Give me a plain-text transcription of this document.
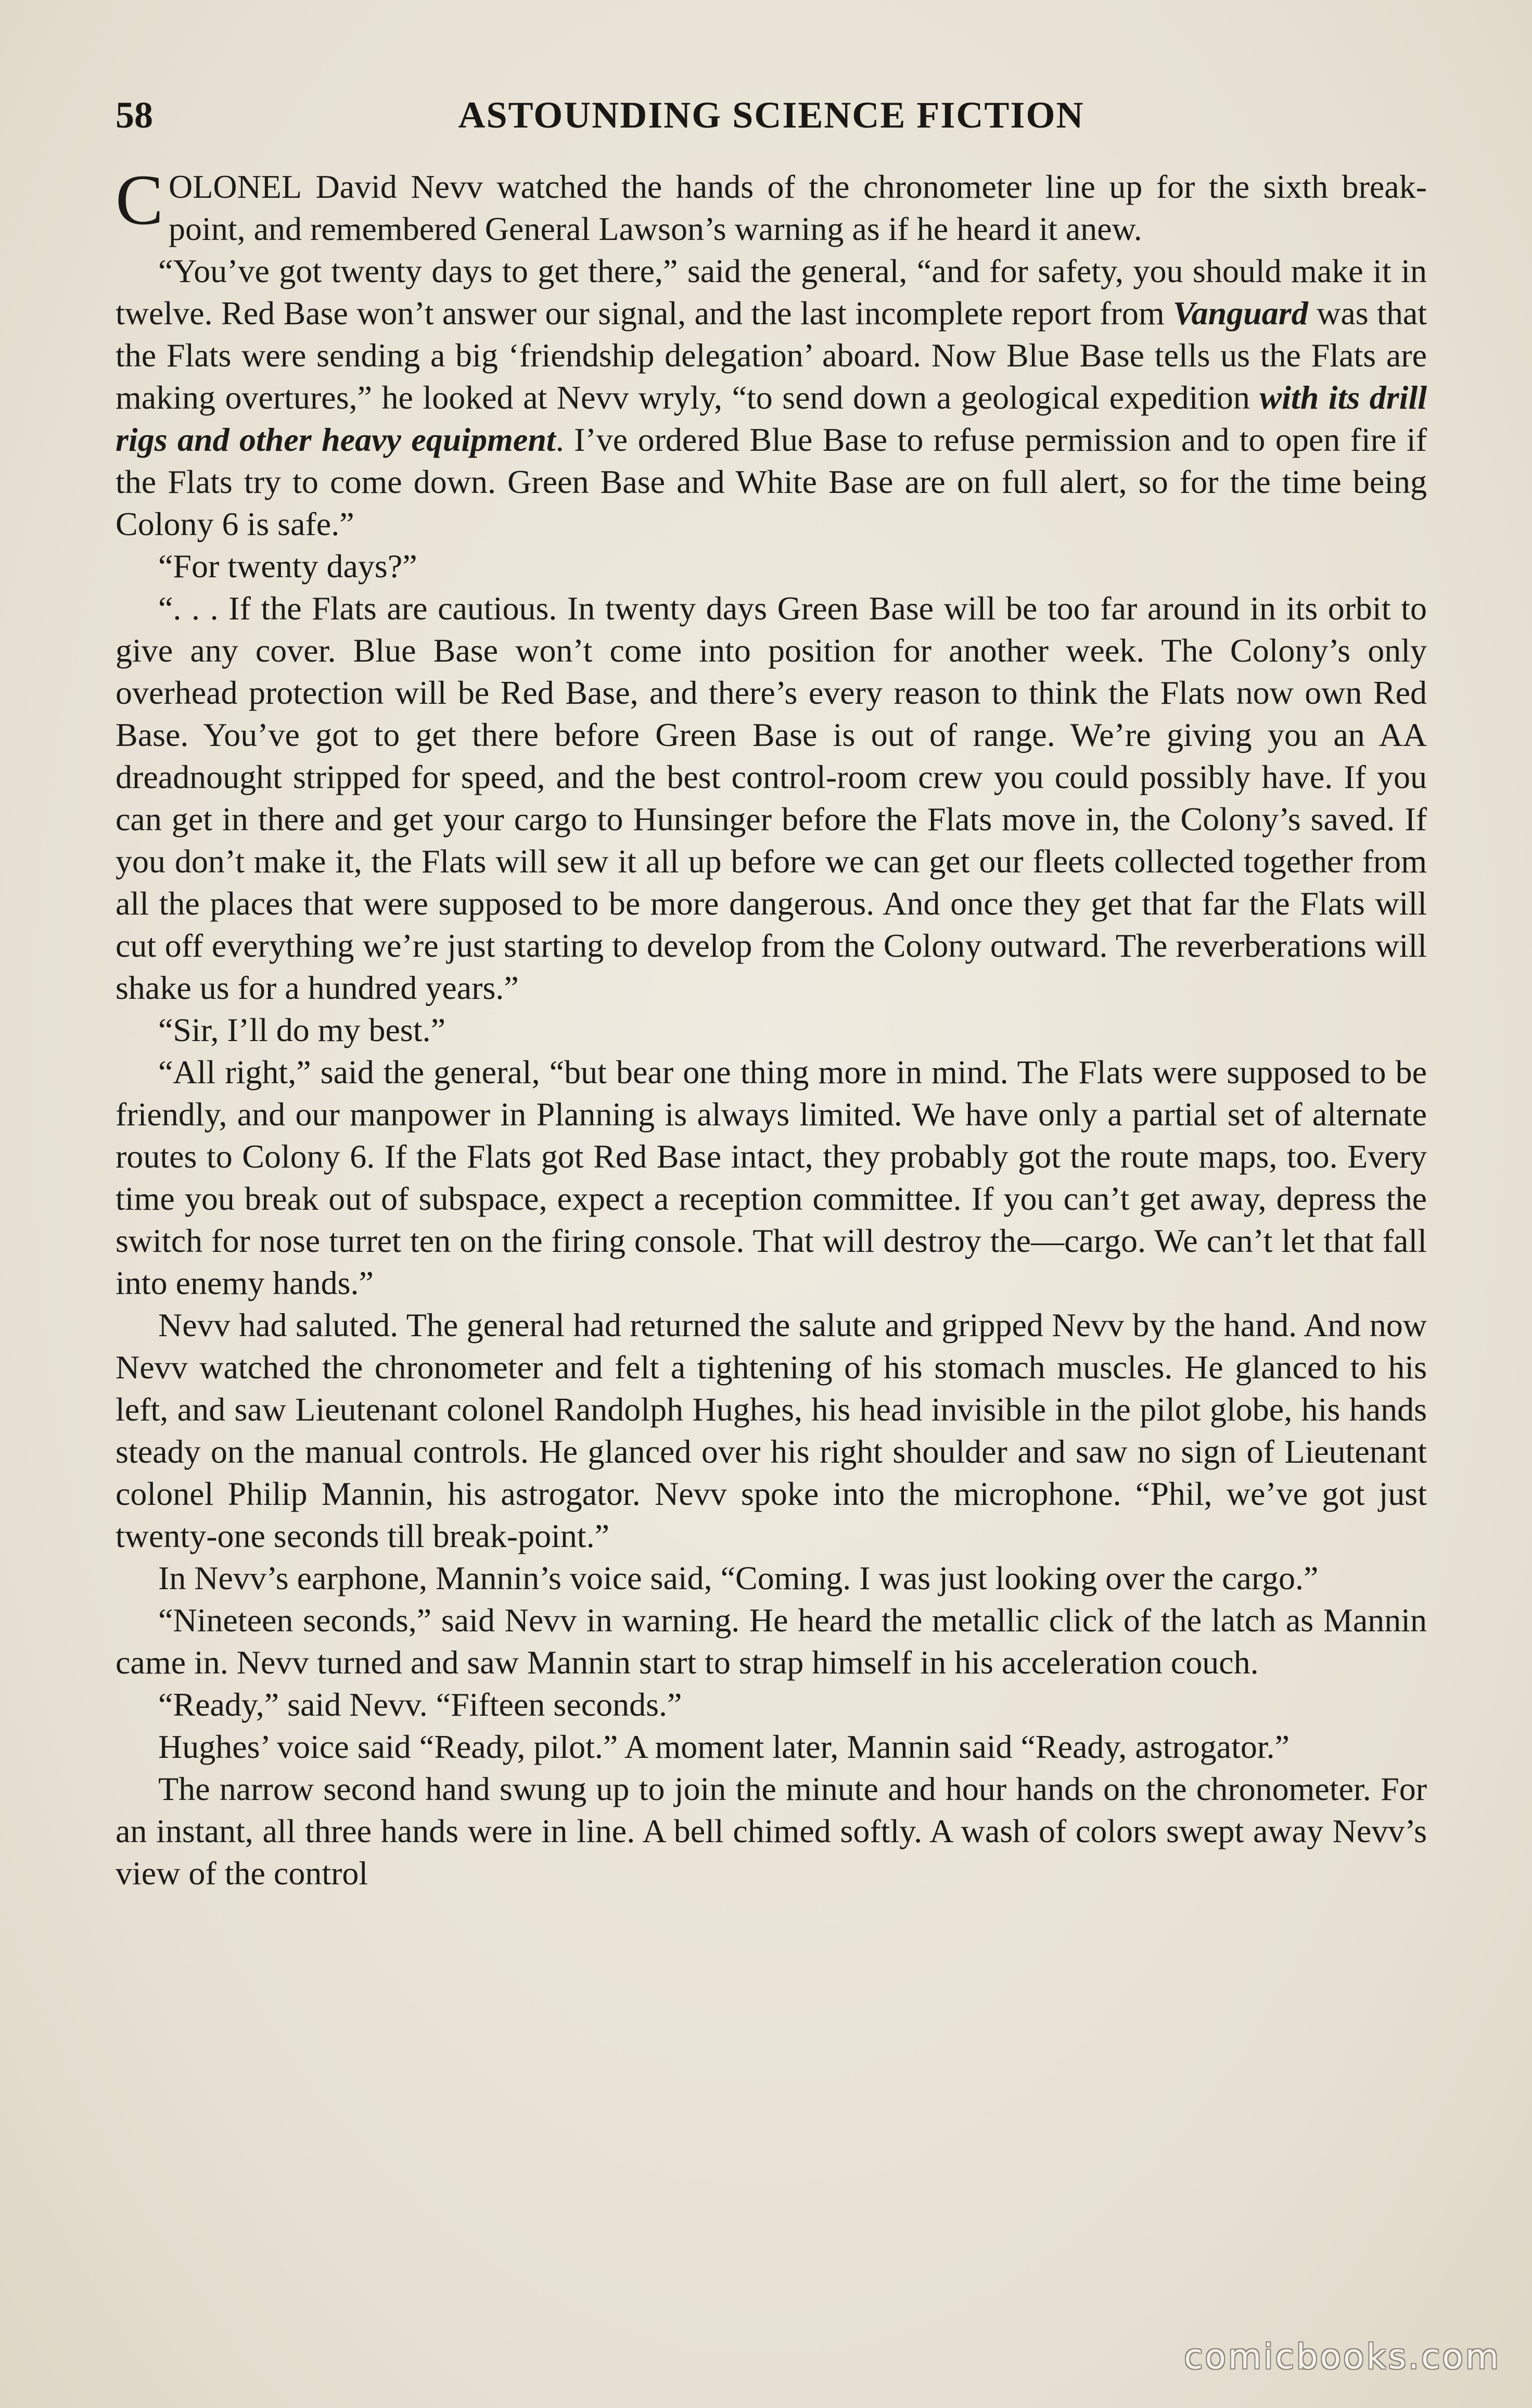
58	ASTOUNDING SCIENCE FICTION

COLONEL David Nevv watched the hands of the chronometer line up for the sixth break-point, and remembered General Lawson’s warning as if he heard it anew.

“You’ve got twenty days to get there,” said the general, “and for safety, you should make it in twelve. Red Base won’t answer our signal, and the last incomplete report from Vanguard was that the Flats were sending a big ‘friendship delegation’ aboard. Now Blue Base tells us the Flats are making overtures,” he looked at Nevv wryly, “to send down a geological expedition with its drill rigs and other heavy equipment. I’ve ordered Blue Base to refuse permission and to open fire if the Flats try to come down. Green Base and White Base are on full alert, so for the time being Colony 6 is safe.”

“For twenty days?”

“. . . If the Flats are cautious. In twenty days Green Base will be too far around in its orbit to give any cover. Blue Base won’t come into position for another week. The Colony’s only overhead protection will be Red Base, and there’s every reason to think the Flats now own Red Base. You’ve got to get there before Green Base is out of range. We’re giving you an AA dreadnought stripped for speed, and the best control-room crew you could possibly have. If you can get in there and get your cargo to Hunsinger before the Flats move in, the Colony’s saved. If you don’t make it, the Flats will sew it all up before we can get our fleets collected together from all the places that were supposed to be more dangerous. And once they get that far the Flats will cut off everything we’re just starting to develop from the Colony outward. The reverberations will shake us for a hundred years.”

“Sir, I’ll do my best.”

“All right,” said the general, “but bear one thing more in mind. The Flats were supposed to be friendly, and our manpower in Planning is always limited. We have only a partial set of alternate routes to Colony 6. If the Flats got Red Base intact, they probably got the route maps, too. Every time you break out of subspace, expect a reception committee. If you can’t get away, depress the switch for nose turret ten on the firing console. That will destroy the—cargo. We can’t let that fall into enemy hands.”

Nevv had saluted. The general had returned the salute and gripped Nevv by the hand. And now Nevv watched the chronometer and felt a tightening of his stomach muscles. He glanced to his left, and saw Lieutenant colonel Randolph Hughes, his head invisible in the pilot globe, his hands steady on the manual controls. He glanced over his right shoulder and saw no sign of Lieutenant colonel Philip Mannin, his astrogator. Nevv spoke into the microphone. “Phil, we’ve got just twenty-one seconds till break-point.”

In Nevv’s earphone, Mannin’s voice said, “Coming. I was just looking over the cargo.”

“Nineteen seconds,” said Nevv in warning. He heard the metallic click of the latch as Mannin came in. Nevv turned and saw Mannin start to strap himself in his acceleration couch.

“Ready,” said Nevv. “Fifteen seconds.”

Hughes’ voice said “Ready, pilot.” A moment later, Mannin said “Ready, astrogator.”

The narrow second hand swung up to join the minute and hour hands on the chronometer. For an instant, all three hands were in line. A bell chimed softly. A wash of colors swept away Nevv’s view of the control

comicbooks.com
